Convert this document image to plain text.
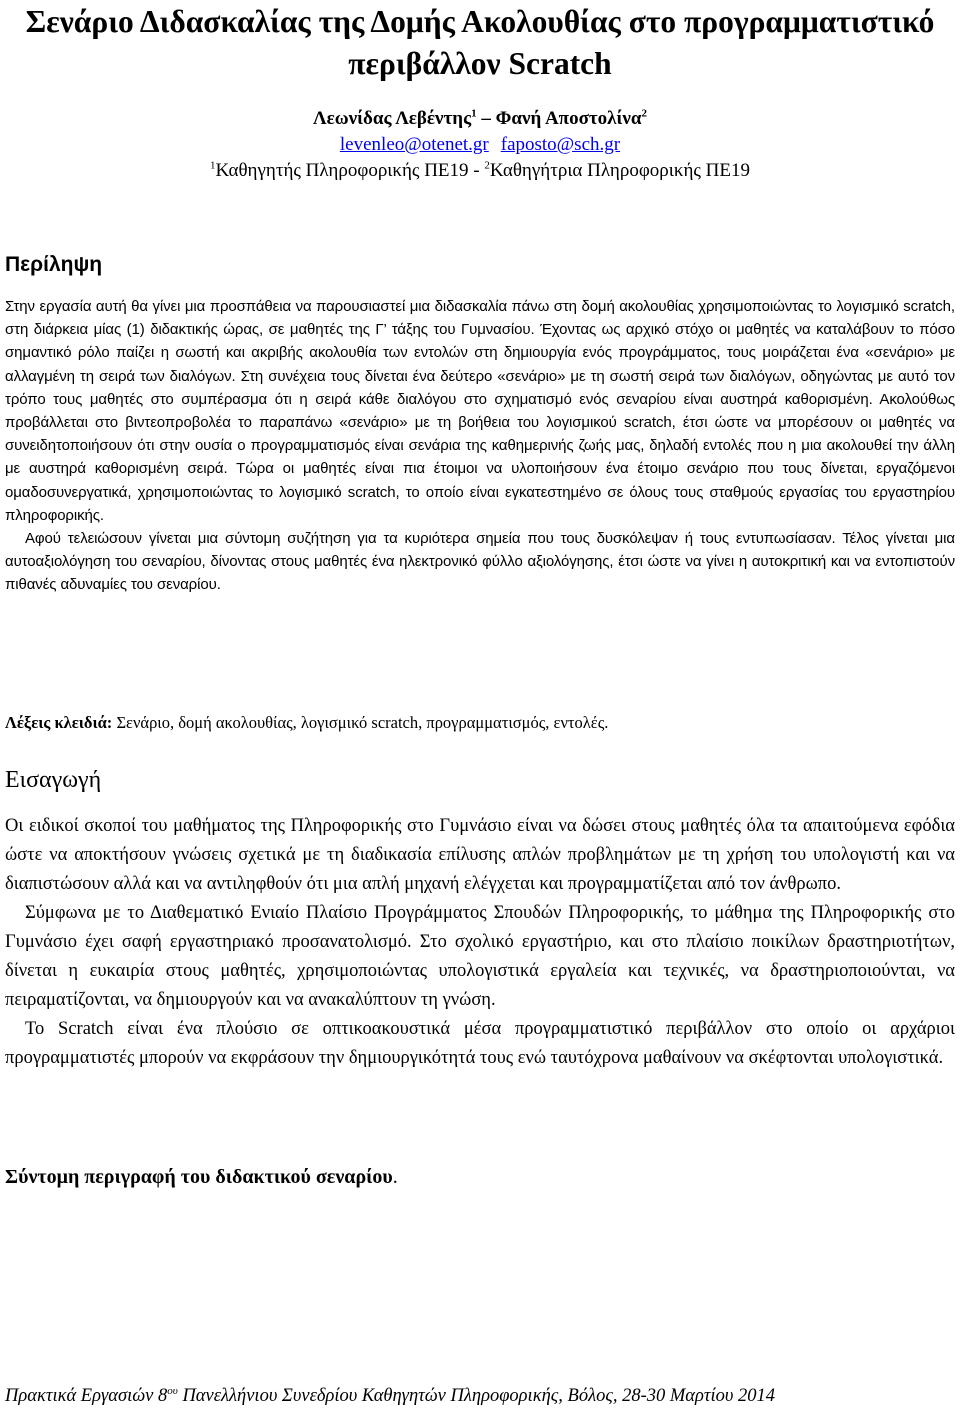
Σενάριο Διδασκαλίας της Δομής Ακολουθίας στο προγραμματιστικό περιβάλλον Scratch
Λεωνίδας Λεβέντης$^1$ – Φανή Αποστολίνα$^2$
levenleo@otenet.gr faposto@sch.gr
$^1$Καθηγητής Πληροφορικής ΠΕ19 - $^2$Καθηγήτρια Πληροφορικής ΠΕ19
Περίληψη

Στην εργασία αυτή θα γίνει μια προσπάθεια να παρουσιαστεί μια διδασκαλία πάνω στη δομή ακολουθίας χρησιμοποιώντας το λογισμικό scratch, στη διάρκεια μίας (1) διδακτικής ώρας, σε μαθητές της Γ’ τάξης του Γυμνασίου. Έχοντας ως αρχικό στόχο οι μαθητές να καταλάβουν το πόσο σημαντικό ρόλο παίζει η σωστή και ακριβής ακολουθία των εντολών στη δημιουργία ενός προγράμματος, τους μοιράζεται ένα «σενάριο» με αλλαγμένη τη σειρά των διαλόγων. Στη συνέχεια τους δίνεται ένα δεύτερο «σενάριο» με τη σωστή σειρά των διαλόγων, οδηγώντας με αυτό τον τρόπο τους μαθητές στο συμπέρασμα ότι η σειρά κάθε διαλόγου στο σχηματισμό ενός σεναρίου είναι αυστηρά καθορισμένη. Ακολούθως προβάλλεται στο βιντεοπροβολέα το παραπάνω «σενάριο» με τη βοήθεια του λογισμικού scratch, έτσι ώστε να μπορέσουν οι μαθητές να συνειδητοποιήσουν ότι στην ουσία ο προγραμματισμός είναι σενάρια της καθημερινής ζωής μας, δηλαδή εντολές που η μια ακολουθεί την άλλη με αυστηρά καθορισμένη σειρά. Τώρα οι μαθητές είναι πια έτοιμοι να υλοποιήσουν ένα έτοιμο σενάριο που τους δίνεται, εργαζόμενοι ομαδοσυνεργατικά, χρησιμοποιώντας το λογισμικό scratch, το οποίο είναι εγκατεστημένο σε όλους τους σταθμούς εργασίας του εργαστηρίου πληροφορικής.

Αφού τελειώσουν γίνεται μια σύντομη συζήτηση για τα κυριότερα σημεία που τους δυσκόλεψαν ή τους εντυπωσίασαν. Τέλος γίνεται μια αυτοαξιολόγηση του σεναρίου, δίνοντας στους μαθητές ένα ηλεκτρονικό φύλλο αξιολόγησης, έτσι ώστε να γίνει η αυτοκριτική και να εντοπιστούν πιθανές αδυναμίες του σεναρίου.

Λέξεις κλειδιά: Σενάριο, δομή ακολουθίας, λογισμικό scratch, προγραμματισμός, εντολές.
Εισαγωγή

Οι ειδικοί σκοποί του μαθήματος της Πληροφορικής στο Γυμνάσιο είναι να δώσει στους μαθητές όλα τα απαιτούμενα εφόδια ώστε να αποκτήσουν γνώσεις σχετικά με τη διαδικασία επίλυσης απλών προβλημάτων με τη χρήση του υπολογιστή και να διαπιστώσουν αλλά και να αντιληφθούν ότι μια απλή μηχανή ελέγχεται και προγραμματίζεται από τον άνθρωπο.

Σύμφωνα με το Διαθεματικό Ενιαίο Πλαίσιο Προγράμματος Σπουδών Πληροφορικής, το μάθημα της Πληροφορικής στο Γυμνάσιο έχει σαφή εργαστηριακό προσανατολισμό. Στο σχολικό εργαστήριο, και στο πλαίσιο ποικίλων δραστηριοτήτων, δίνεται η ευκαιρία στους μαθητές, χρησιμοποιώντας υπολογιστικά εργαλεία και τεχνικές, να δραστηριοποιούνται, να πειραματίζονται, να δημιουργούν και να ανακαλύπτουν τη γνώση.

Το Scratch είναι ένα πλούσιο σε οπτικοακουστικά μέσα προγραμματιστικό περιβάλλον στο οποίο οι αρχάριοι προγραμματιστές μπορούν να εκφράσουν την δημιουργικότητά τους ενώ ταυτόχρονα μαθαίνουν να σκέφτονται υπολογιστικά.

Σύντομη περιγραφή του διδακτικού σεναρίου.
Πρακτικά Εργασιών $8^{o\upsilon}$ Πανελλήνιου Συνεδρίου Καθηγητών Πληροφορικής, Βόλος, 28-30 Μαρτίου 2014
